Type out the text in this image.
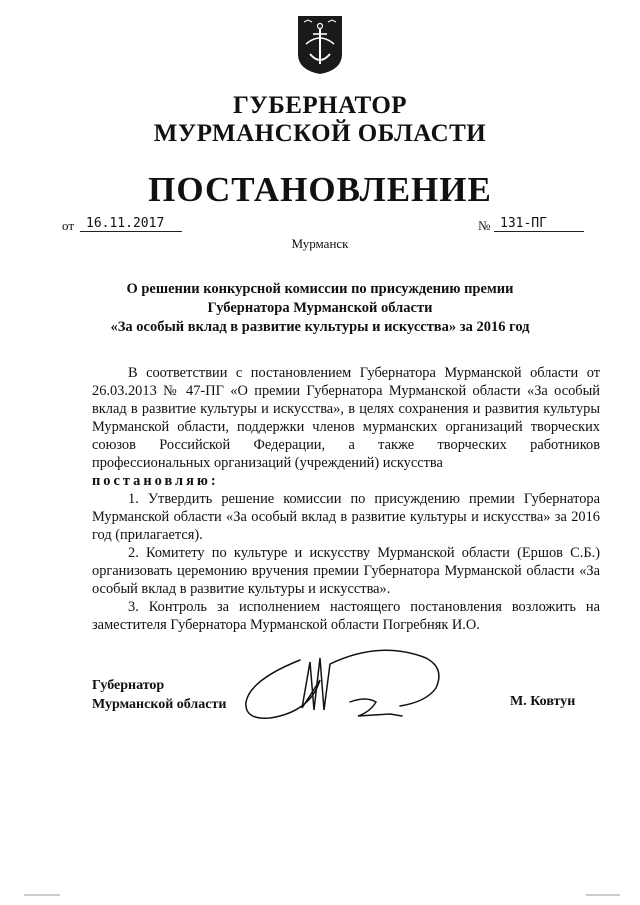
ГУБЕРНАТОР
МУРМАНСКОЙ ОБЛАСТИ
ПОСТАНОВЛЕНИЕ
от 16.11.2017	№ 131-ПГ
Мурманск
О решении конкурсной комиссии по присуждению премии
Губернатора Мурманской области
«За особый вклад в развитие культуры и искусства» за 2016 год

В соответствии с постановлением Губернатора Мурманской области от 26.03.2013 № 47-ПГ «О премии Губернатора Мурманской области «За особый вклад в развитие культуры и искусства», в целях сохранения и развития культуры Мурманской области, поддержки членов мурманских организаций творческих союзов Российской Федерации, а также творческих работников профессиональных организаций (учреждений) искусства

постановляю:

1. Утвердить решение комиссии по присуждению премии Губернатора Мурманской области «За особый вклад в развитие культуры и искусства» за 2016 год (прилагается).

2. Комитету по культуре и искусству Мурманской области (Ершов С.Б.) организовать церемонию вручения премии Губернатора Мурманской области «За особый вклад в развитие культуры и искусства».

3. Контроль за исполнением настоящего постановления возложить на заместителя Губернатора Мурманской области Погребняк И.О.

Губернатор
Мурманской области	М. Ковтун
